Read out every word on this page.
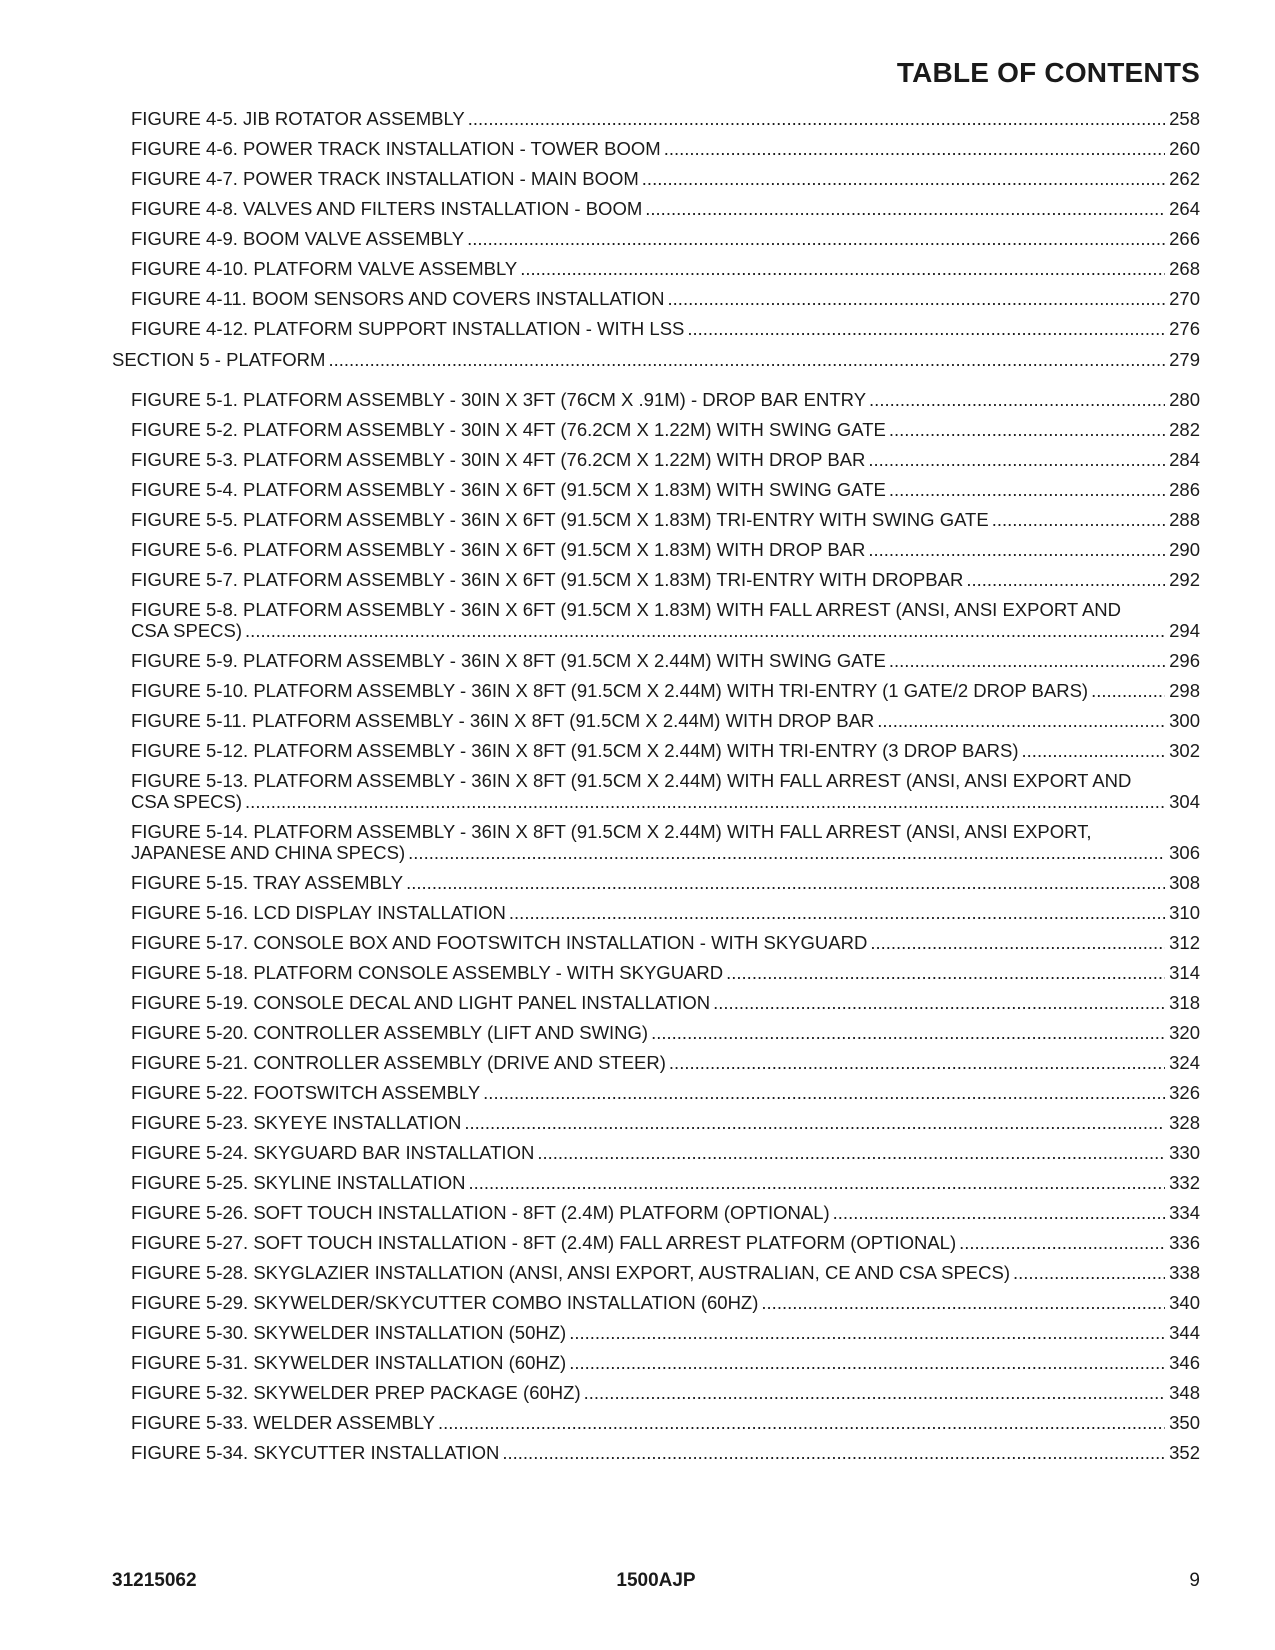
TABLE OF CONTENTS
FIGURE 4-5. JIB ROTATOR ASSEMBLY .....	258
FIGURE 4-6. POWER TRACK INSTALLATION - TOWER BOOM .....	260
FIGURE 4-7. POWER TRACK INSTALLATION - MAIN BOOM .....	262
FIGURE 4-8. VALVES AND FILTERS INSTALLATION - BOOM .....	264
FIGURE 4-9. BOOM VALVE ASSEMBLY .....	266
FIGURE 4-10. PLATFORM VALVE ASSEMBLY .....	268
FIGURE 4-11. BOOM SENSORS AND COVERS INSTALLATION .....	270
FIGURE 4-12. PLATFORM SUPPORT INSTALLATION - WITH LSS .....	276
SECTION 5 - PLATFORM .....	279
FIGURE 5-1. PLATFORM ASSEMBLY - 30IN X 3FT (76CM X .91M) - DROP BAR ENTRY .....	280
FIGURE 5-2. PLATFORM ASSEMBLY - 30IN X 4FT (76.2CM X 1.22M) WITH SWING GATE .....	282
FIGURE 5-3. PLATFORM ASSEMBLY - 30IN X 4FT (76.2CM X 1.22M) WITH DROP BAR .....	284
FIGURE 5-4. PLATFORM ASSEMBLY - 36IN X 6FT (91.5CM X 1.83M) WITH SWING GATE .....	286
FIGURE 5-5. PLATFORM ASSEMBLY - 36IN X 6FT (91.5CM X 1.83M) TRI-ENTRY WITH SWING GATE .....	288
FIGURE 5-6. PLATFORM ASSEMBLY - 36IN X 6FT (91.5CM X 1.83M) WITH DROP BAR .....	290
FIGURE 5-7. PLATFORM ASSEMBLY - 36IN X 6FT (91.5CM X 1.83M) TRI-ENTRY WITH DROPBAR .....	292
FIGURE 5-8. PLATFORM ASSEMBLY - 36IN X 6FT (91.5CM X 1.83M) WITH FALL ARREST (ANSI, ANSI EXPORT AND CSA SPECS) .....	294
FIGURE 5-9. PLATFORM ASSEMBLY - 36IN X 8FT (91.5CM X 2.44M) WITH SWING GATE .....	296
FIGURE 5-10. PLATFORM ASSEMBLY - 36IN X 8FT (91.5CM X 2.44M) WITH TRI-ENTRY (1 GATE/2 DROP BARS) .....	298
FIGURE 5-11. PLATFORM ASSEMBLY - 36IN X 8FT (91.5CM X 2.44M) WITH DROP BAR .....	300
FIGURE 5-12. PLATFORM ASSEMBLY - 36IN X 8FT (91.5CM X 2.44M) WITH TRI-ENTRY (3 DROP BARS) .....	302
FIGURE 5-13. PLATFORM ASSEMBLY - 36IN X 8FT (91.5CM X 2.44M) WITH FALL ARREST (ANSI, ANSI EXPORT AND CSA SPECS) .....	304
FIGURE 5-14. PLATFORM ASSEMBLY - 36IN X 8FT (91.5CM X 2.44M) WITH FALL ARREST (ANSI, ANSI EXPORT, JAPANESE AND CHINA SPECS) .....	306
FIGURE 5-15. TRAY ASSEMBLY .....	308
FIGURE 5-16. LCD DISPLAY INSTALLATION .....	310
FIGURE 5-17. CONSOLE BOX AND FOOTSWITCH INSTALLATION - WITH SKYGUARD .....	312
FIGURE 5-18. PLATFORM CONSOLE ASSEMBLY - WITH SKYGUARD .....	314
FIGURE 5-19. CONSOLE DECAL AND LIGHT PANEL INSTALLATION .....	318
FIGURE 5-20. CONTROLLER ASSEMBLY (LIFT AND SWING) .....	320
FIGURE 5-21. CONTROLLER ASSEMBLY (DRIVE AND STEER) .....	324
FIGURE 5-22. FOOTSWITCH ASSEMBLY .....	326
FIGURE 5-23. SKYEYE INSTALLATION .....	328
FIGURE 5-24. SKYGUARD BAR INSTALLATION .....	330
FIGURE 5-25. SKYLINE INSTALLATION .....	332
FIGURE 5-26. SOFT TOUCH INSTALLATION - 8FT (2.4M) PLATFORM (OPTIONAL) .....	334
FIGURE 5-27. SOFT TOUCH INSTALLATION - 8FT (2.4M) FALL ARREST PLATFORM (OPTIONAL) .....	336
FIGURE 5-28. SKYGLAZIER INSTALLATION (ANSI, ANSI EXPORT, AUSTRALIAN, CE AND CSA SPECS) .....	338
FIGURE 5-29. SKYWELDER/SKYCUTTER COMBO INSTALLATION (60HZ) .....	340
FIGURE 5-30. SKYWELDER INSTALLATION (50HZ) .....	344
FIGURE 5-31. SKYWELDER INSTALLATION (60HZ) .....	346
FIGURE 5-32. SKYWELDER PREP PACKAGE (60HZ) .....	348
FIGURE 5-33. WELDER ASSEMBLY .....	350
FIGURE 5-34. SKYCUTTER INSTALLATION .....	352
31215062	1500AJP	9
